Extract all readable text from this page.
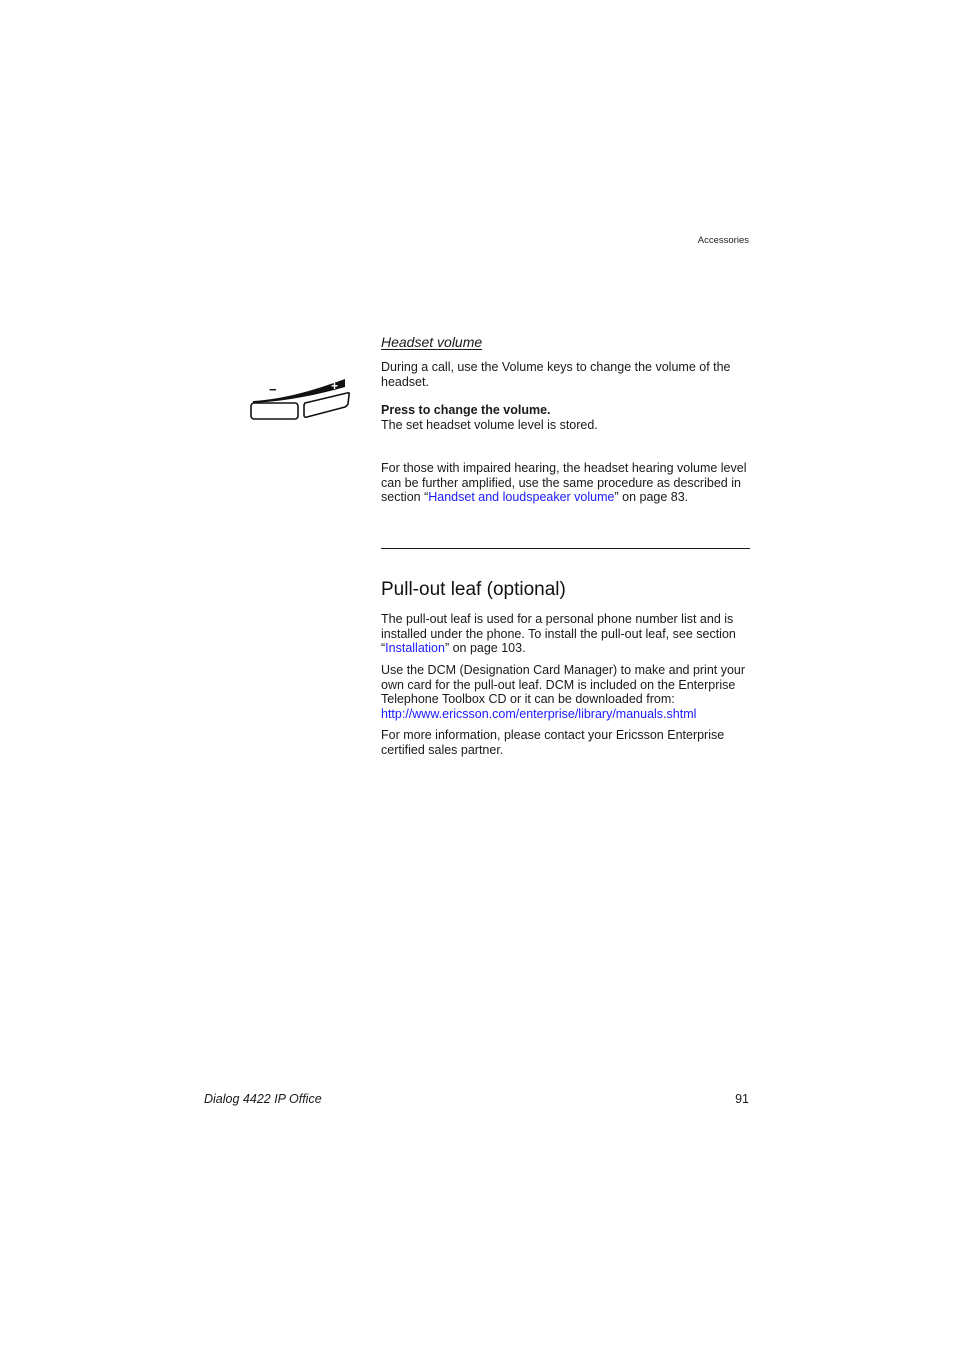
Accessories
−	+
Headset volume

During a call, use the Volume keys to change the volume of the headset.

Press to change the volume.

The set headset volume level is stored.

For those with impaired hearing, the headset hearing volume level can be further amplified, use the same procedure as described in section “Handset and loudspeaker volume” on page 83.

Pull-out leaf (optional)

The pull-out leaf is used for a personal phone number list and is installed under the phone. To install the pull-out leaf, see section “Installation” on page 103.

Use the DCM (Designation Card Manager) to make and print your own card for the pull-out leaf. DCM is included on the Enterprise Telephone Toolbox CD or it can be downloaded from:

http://www.ericsson.com/enterprise/library/manuals.shtml

For more information, please contact your Ericsson Enterprise certified sales partner.

Dialog 4422 IP Office	91
